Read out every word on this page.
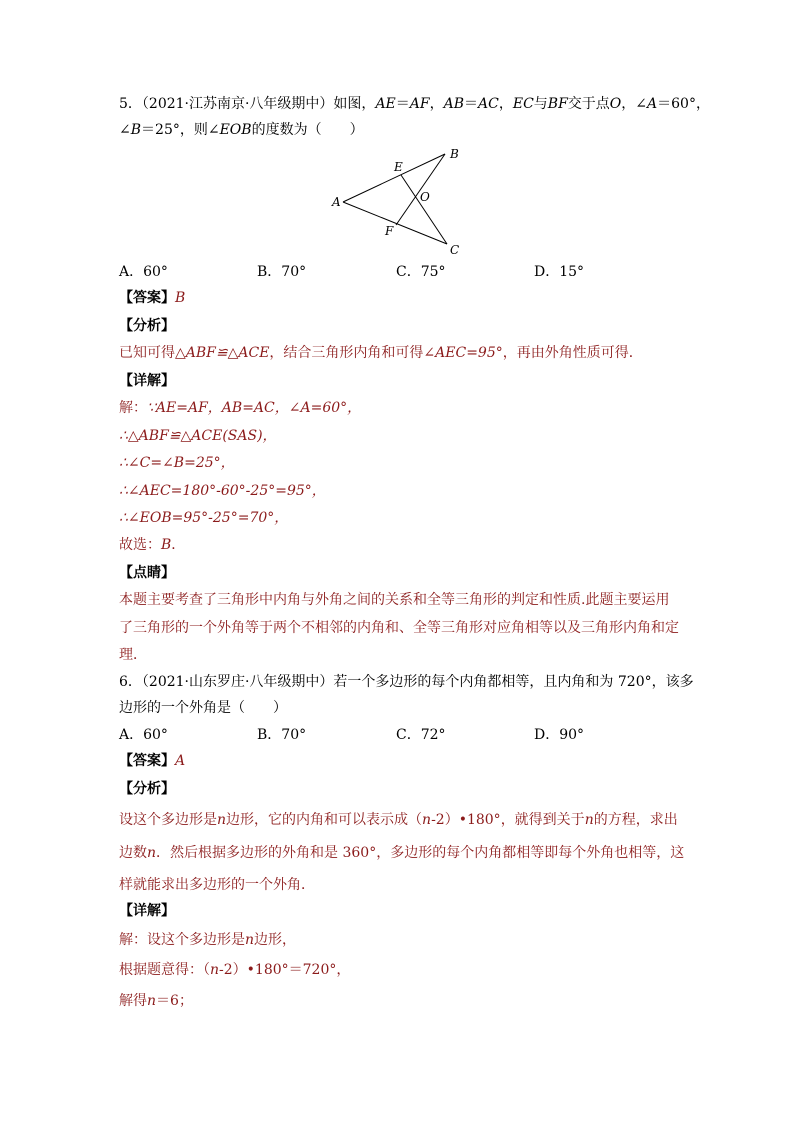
5．（2021·江苏南京·八年级期中）如图，AE＝AF，AB＝AC，EC与BF交于点O，∠A＝60°，
∠B＝25°，则∠EOB的度数为（　　）
E
B
O
A
F
C
A．60°	B．70°	C．75°	D．15°
【答案】B
【分析】
已知可得△ABF≌△ACE，结合三角形内角和可得∠AEC=95°，再由外角性质可得．
【详解】
解：∵AE=AF，AB=AC，∠A=60°，
∴△ABF≌△ACE(SAS)，
∴∠C=∠B=25°，
∴∠AEC=180°-60°-25°=95°，
∴∠EOB=95°-25°=70°，
故选：B．
【点睛】
本题主要考查了三角形中内角与外角之间的关系和全等三角形的判定和性质.此题主要运用
了三角形的一个外角等于两个不相邻的内角和、全等三角形对应角相等以及三角形内角和定
理．
6．（2021·山东罗庄·八年级期中）若一个多边形的每个内角都相等，且内角和为 720°，该多
边形的一个外角是（　　）
A．60°	B．70°	C．72°	D．90°
【答案】A
【分析】
设这个多边形是n边形，它的内角和可以表示成（n-2）•180°，就得到关于n的方程，求出
边数n．然后根据多边形的外角和是 360°，多边形的每个内角都相等即每个外角也相等，这
样就能求出多边形的一个外角．
【详解】
解：设这个多边形是n边形，
根据题意得：（n-2）•180°＝720°，
解得n＝6；
